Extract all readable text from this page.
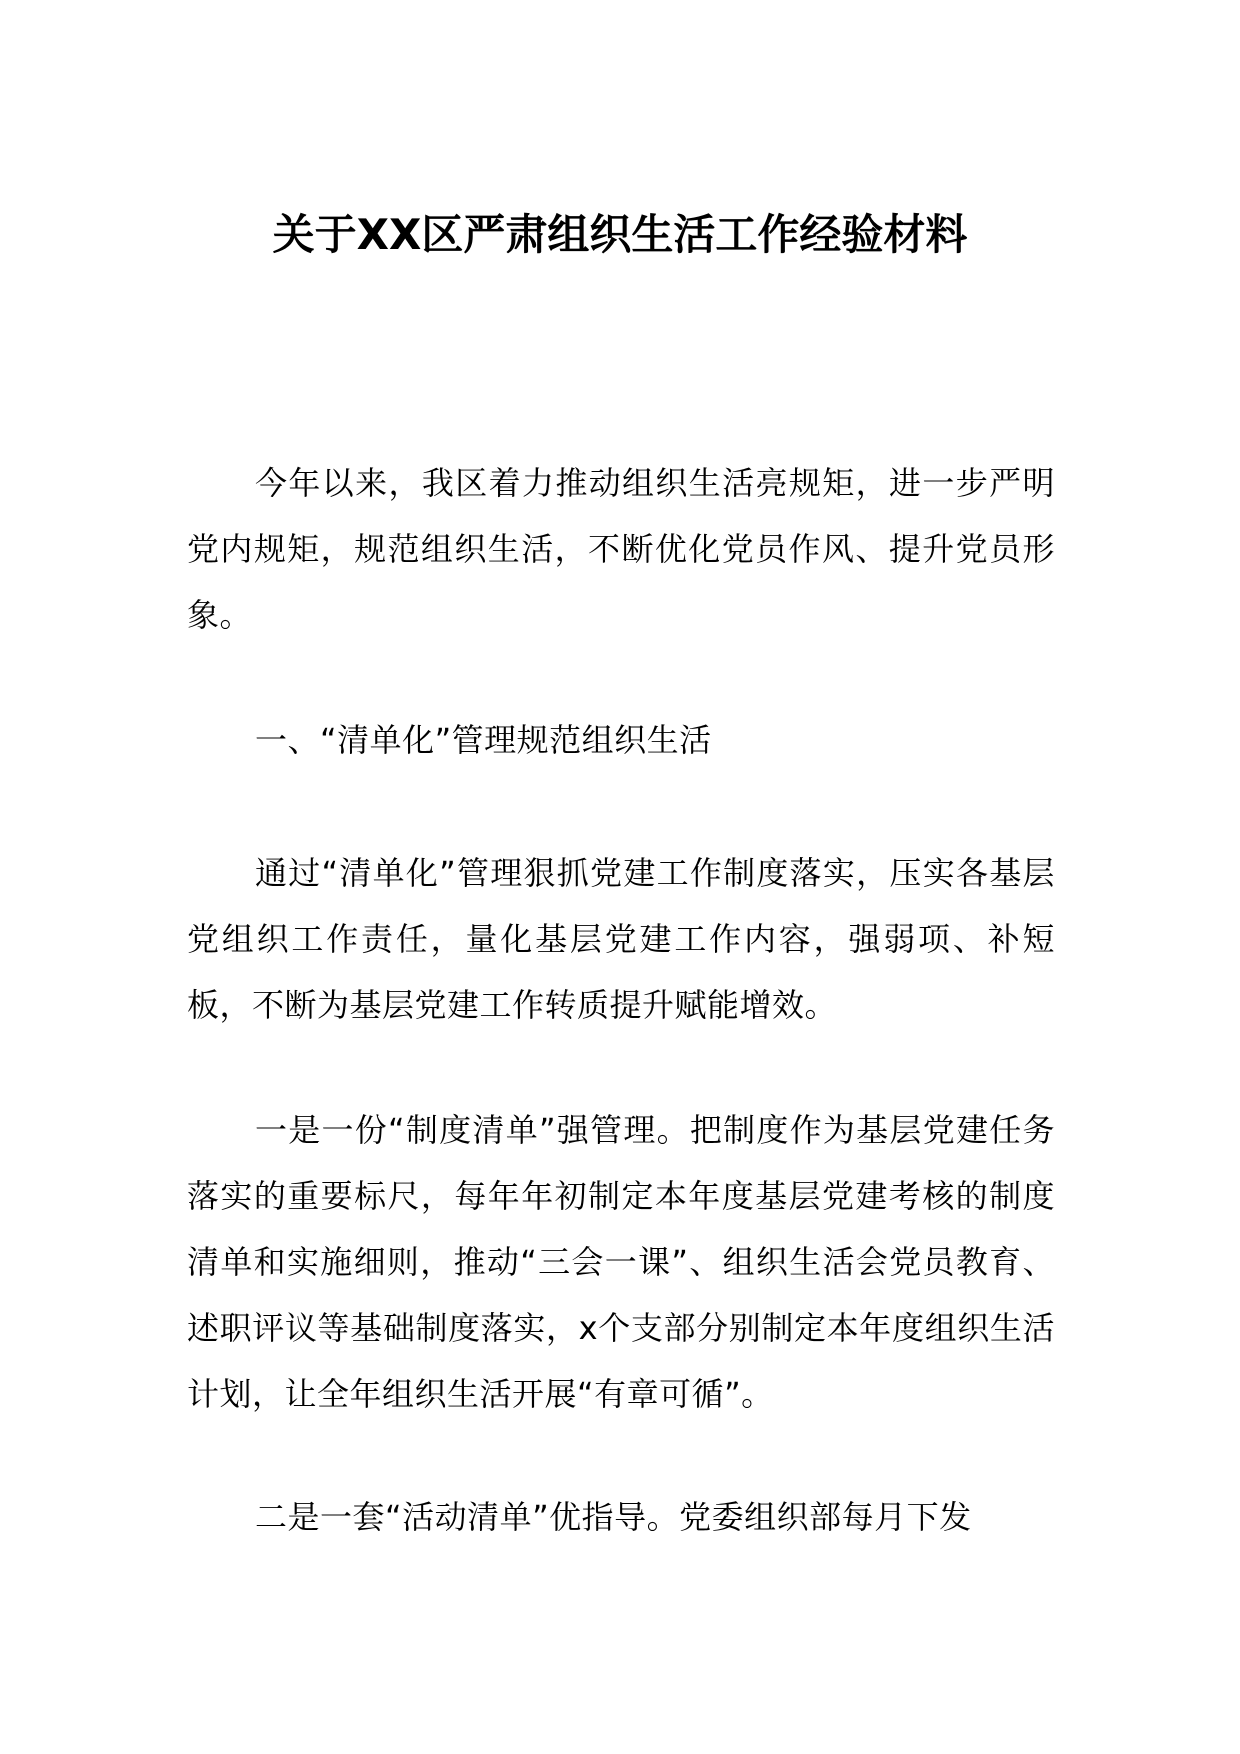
关于XX区严肃组织生活工作经验材料

今年以来，我区着力推动组织生活亮规矩，进一步严明党内规矩，规范组织生活，不断优化党员作风、提升党员形象。

一、“清单化”管理规范组织生活

通过“清单化”管理狠抓党建工作制度落实，压实各基层党组织工作责任，量化基层党建工作内容，强弱项、补短板，不断为基层党建工作转质提升赋能增效。

一是一份“制度清单”强管理。把制度作为基层党建任务落实的重要标尺，每年年初制定本年度基层党建考核的制度清单和实施细则，推动“三会一课”、组织生活会党员教育、述职评议等基础制度落实，x个支部分别制定本年度组织生活计划，让全年组织生活开展“有章可循”。

二是一套“活动清单”优指导。党委组织部每月下发
